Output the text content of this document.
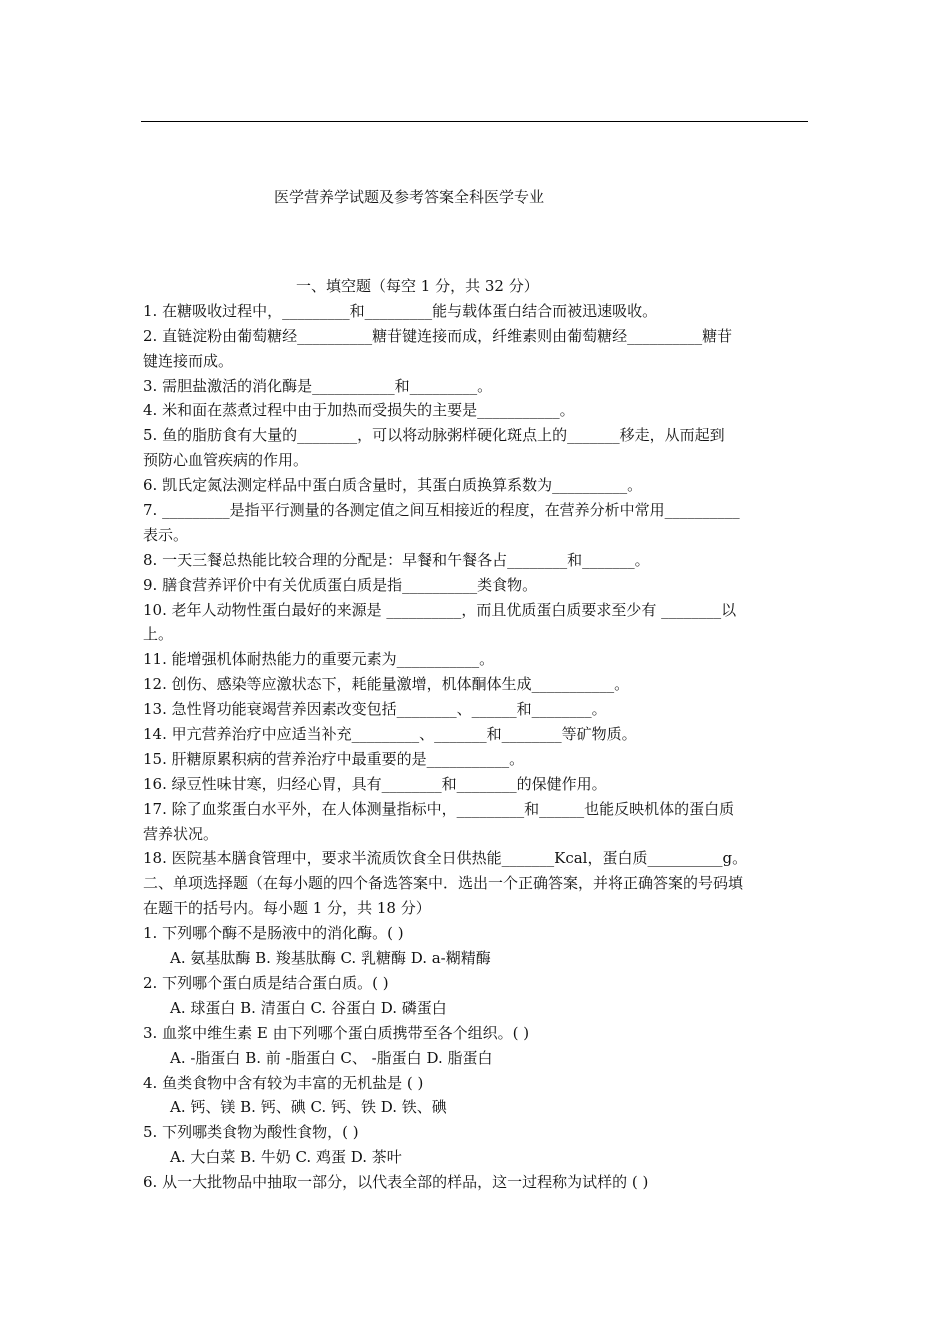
医学营养学试题及参考答案全科医学专业
一、填空题（每空 1 分，共 32 分）
1. 在糖吸收过程中，_________和_________能与载体蛋白结合而被迅速吸收。
2. 直链淀粉由葡萄糖经__________糖苷键连接而成，纤维素则由葡萄糖经__________糖苷
键连接而成。
3. 需胆盐激活的消化酶是___________和_________。
4. 米和面在蒸煮过程中由于加热而受损失的主要是___________。
5. 鱼的脂肪食有大量的________，可以将动脉粥样硬化斑点上的_______移走，从而起到
预防心血管疾病的作用。
6. 凯氏定氮法测定样品中蛋白质含量时，其蛋白质换算系数为__________。
7. _________是指平行测量的各测定值之间互相接近的程度，在营养分析中常用__________
表示。
8. 一天三餐总热能比较合理的分配是：早餐和午餐各占________和_______。
9. 膳食营养评价中有关优质蛋白质是指__________类食物。
10. 老年人动物性蛋白最好的来源是 __________，而且优质蛋白质要求至少有 ________以
上。
11. 能增强机体耐热能力的重要元素为___________。
12. 创伤、感染等应激状态下，耗能量激增，机体酮体生成___________。
13. 急性肾功能衰竭营养因素改变包括________、______和________。
14. 甲亢营养治疗中应适当补充_________、_______和________等矿物质。
15. 肝糖原累积病的营养治疗中最重要的是___________。
16. 绿豆性味甘寒，归经心胃，具有________和________的保健作用。
17. 除了血浆蛋白水平外，在人体测量指标中，_________和______也能反映机体的蛋白质
营养状况。
18. 医院基本膳食管理中，要求半流质饮食全日供热能_______Kcal，蛋白质__________g。
二、单项选择题（在每小题的四个备选答案中．选出一个正确答案，并将正确答案的号码填
在题干的括号内。每小题 1 分，共 18 分）
1. 下列哪个酶不是肠液中的消化酶。( )
A. 氨基肽酶 B. 羧基肽酶 C. 乳糖酶 D. a-糊精酶
2. 下列哪个蛋白质是结合蛋白质。( )
A. 球蛋白 B. 清蛋白 C. 谷蛋白 D. 磷蛋白
3. 血浆中维生素 E 由下列哪个蛋白质携带至各个组织。( )
A. -脂蛋白 B. 前 -脂蛋白 C、 -脂蛋白 D. 脂蛋白
4. 鱼类食物中含有较为丰富的无机盐是 ( )
A. 钙、镁 B. 钙、碘 C. 钙、铁 D. 铁、碘
5. 下列哪类食物为酸性食物，( )
A. 大白菜 B. 牛奶 C. 鸡蛋 D. 茶叶
6. 从一大批物品中抽取一部分，以代表全部的样品，这一过程称为试样的 ( )
